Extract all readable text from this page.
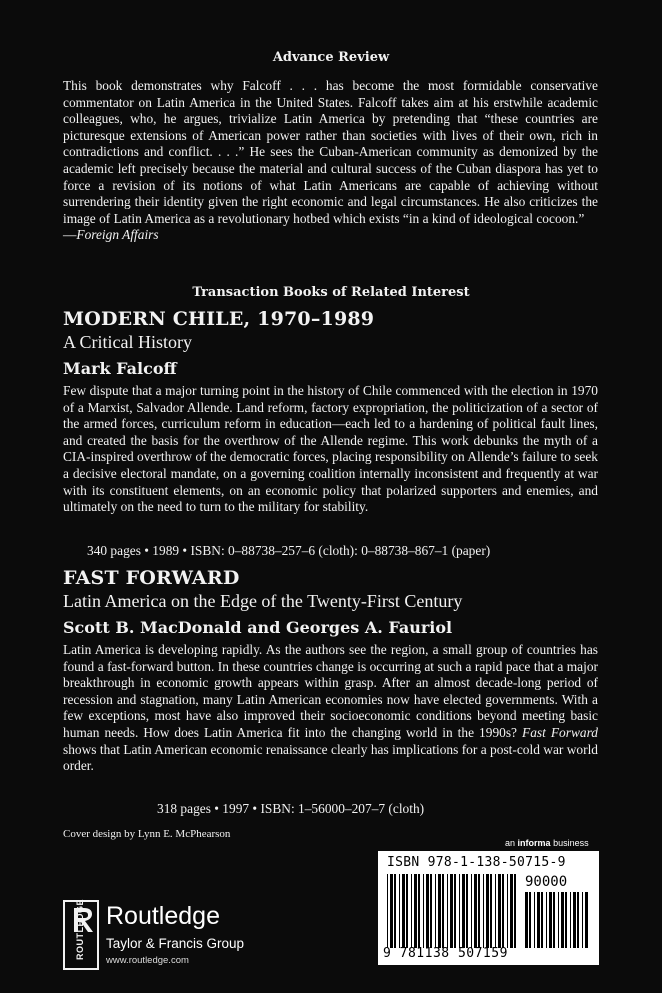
Advance Review
This book demonstrates why Falcoff . . . has become the most formidable conservative commentator on Latin America in the United States. Falcoff takes aim at his erstwhile academic colleagues, who, he argues, trivialize Latin America by pretending that “these countries are picturesque extensions of American power rather than societies with lives of their own, rich in contradictions and conflict. . . .” He sees the Cuban-American community as demonized by the academic left precisely because the material and cultural success of the Cuban diaspora has yet to force a revision of its notions of what Latin Americans are capable of achieving without surrendering their identity given the right economic and legal circumstances. He also criticizes the image of Latin America as a revolutionary hotbed which exists “in a kind of ideological cocoon.”
—Foreign Affairs
Transaction Books of Related Interest
MODERN CHILE, 1970–1989
A Critical History
Mark Falcoff
Few dispute that a major turning point in the history of Chile commenced with the election in 1970 of a Marxist, Salvador Allende. Land reform, factory expropriation, the politicization of a sector of the armed forces, curriculum reform in education—each led to a hardening of political fault lines, and created the basis for the overthrow of the Allende regime. This work debunks the myth of a CIA-inspired overthrow of the democratic forces, placing responsibility on Allende’s failure to seek a decisive electoral mandate, on a governing coalition internally inconsistent and frequently at war with its constituent elements, on an economic policy that polarized supporters and enemies, and ultimately on the need to turn to the military for stability.
340 pages • 1989 • ISBN: 0–88738–257–6 (cloth): 0–88738–867–1 (paper)
FAST FORWARD
Latin America on the Edge of the Twenty-First Century
Scott B. MacDonald and Georges A. Fauriol
Latin America is developing rapidly. As the authors see the region, a small group of countries has found a fast-forward button. In these countries change is occurring at such a rapid pace that a major breakthrough in economic growth appears within grasp. After an almost decade-long period of recession and stagnation, many Latin American economies now have elected governments. With a few exceptions, most have also improved their socioeconomic conditions beyond meeting basic human needs. How does Latin America fit into the changing world in the 1990s? Fast Forward shows that Latin American economic renaissance clearly has implications for a post-cold war world order.
318 pages • 1997 • ISBN: 1–56000–207–7 (cloth)
Cover design by Lynn E. McPhearson
an informa business
ROUTLEDGE Routledge
Taylor & Francis Group
www.routledge.com
ISBN 978-1-138-50715-9
90000
9 781138 507159
